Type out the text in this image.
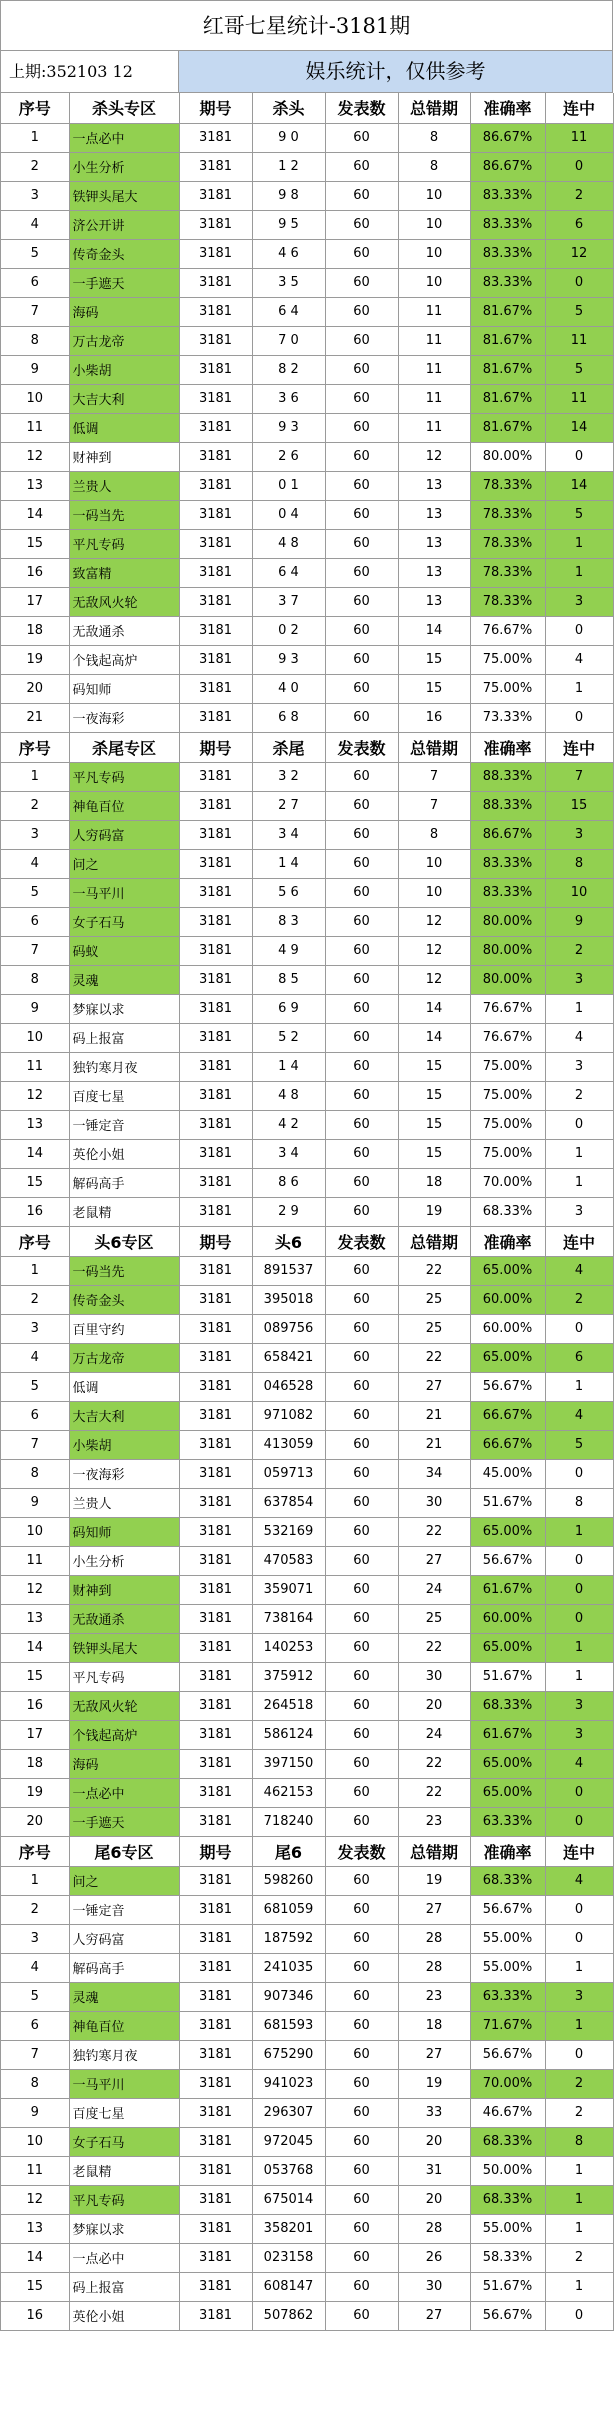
红哥七星统计-3181期
上期:352103 12	娱乐统计，仅供参考
序号	杀头专区	期号	杀头	发表数	总错期	准确率	连中
1	一点必中	3181	9 0	60	8	86.67%	11
2	小生分析	3181	1 2	60	8	86.67%	0
3	铁钾头尾大	3181	9 8	60	10	83.33%	2
4	济公开讲	3181	9 5	60	10	83.33%	6
5	传奇金头	3181	4 6	60	10	83.33%	12
6	一手遮天	3181	3 5	60	10	83.33%	0
7	海码	3181	6 4	60	11	81.67%	5
8	万古龙帝	3181	7 0	60	11	81.67%	11
9	小柴胡	3181	8 2	60	11	81.67%	5
10	大吉大利	3181	3 6	60	11	81.67%	11
11	低调	3181	9 3	60	11	81.67%	14
12	财神到	3181	2 6	60	12	80.00%	0
13	兰贵人	3181	0 1	60	13	78.33%	14
14	一码当先	3181	0 4	60	13	78.33%	5
15	平凡专码	3181	4 8	60	13	78.33%	1
16	致富精	3181	6 4	60	13	78.33%	1
17	无敌风火轮	3181	3 7	60	13	78.33%	3
18	无敌通杀	3181	0 2	60	14	76.67%	0
19	个钱起高炉	3181	9 3	60	15	75.00%	4
20	码知师	3181	4 0	60	15	75.00%	1
21	一夜海彩	3181	6 8	60	16	73.33%	0
序号	杀尾专区	期号	杀尾	发表数	总错期	准确率	连中
1	平凡专码	3181	3 2	60	7	88.33%	7
2	神龟百位	3181	2 7	60	7	88.33%	15
3	人穷码富	3181	3 4	60	8	86.67%	3
4	问之	3181	1 4	60	10	83.33%	8
5	一马平川	3181	5 6	60	10	83.33%	10
6	女子石马	3181	8 3	60	12	80.00%	9
7	码蚁	3181	4 9	60	12	80.00%	2
8	灵魂	3181	8 5	60	12	80.00%	3
9	梦寐以求	3181	6 9	60	14	76.67%	1
10	码上报富	3181	5 2	60	14	76.67%	4
11	独钓寒月夜	3181	1 4	60	15	75.00%	3
12	百度七星	3181	4 8	60	15	75.00%	2
13	一锤定音	3181	4 2	60	15	75.00%	0
14	英伦小姐	3181	3 4	60	15	75.00%	1
15	解码高手	3181	8 6	60	18	70.00%	1
16	老鼠精	3181	2 9	60	19	68.33%	3
序号	头6专区	期号	头6	发表数	总错期	准确率	连中
1	一码当先	3181	891537	60	22	65.00%	4
2	传奇金头	3181	395018	60	25	60.00%	2
3	百里守约	3181	089756	60	25	60.00%	0
4	万古龙帝	3181	658421	60	22	65.00%	6
5	低调	3181	046528	60	27	56.67%	1
6	大吉大利	3181	971082	60	21	66.67%	4
7	小柴胡	3181	413059	60	21	66.67%	5
8	一夜海彩	3181	059713	60	34	45.00%	0
9	兰贵人	3181	637854	60	30	51.67%	8
10	码知师	3181	532169	60	22	65.00%	1
11	小生分析	3181	470583	60	27	56.67%	0
12	财神到	3181	359071	60	24	61.67%	0
13	无敌通杀	3181	738164	60	25	60.00%	0
14	铁钾头尾大	3181	140253	60	22	65.00%	1
15	平凡专码	3181	375912	60	30	51.67%	1
16	无敌风火轮	3181	264518	60	20	68.33%	3
17	个钱起高炉	3181	586124	60	24	61.67%	3
18	海码	3181	397150	60	22	65.00%	4
19	一点必中	3181	462153	60	22	65.00%	0
20	一手遮天	3181	718240	60	23	63.33%	0
序号	尾6专区	期号	尾6	发表数	总错期	准确率	连中
1	问之	3181	598260	60	19	68.33%	4
2	一锤定音	3181	681059	60	27	56.67%	0
3	人穷码富	3181	187592	60	28	55.00%	0
4	解码高手	3181	241035	60	28	55.00%	1
5	灵魂	3181	907346	60	23	63.33%	3
6	神龟百位	3181	681593	60	18	71.67%	1
7	独钓寒月夜	3181	675290	60	27	56.67%	0
8	一马平川	3181	941023	60	19	70.00%	2
9	百度七星	3181	296307	60	33	46.67%	2
10	女子石马	3181	972045	60	20	68.33%	8
11	老鼠精	3181	053768	60	31	50.00%	1
12	平凡专码	3181	675014	60	20	68.33%	1
13	梦寐以求	3181	358201	60	28	55.00%	1
14	一点必中	3181	023158	60	26	58.33%	2
15	码上报富	3181	608147	60	30	51.67%	1
16	英伦小姐	3181	507862	60	27	56.67%	0
